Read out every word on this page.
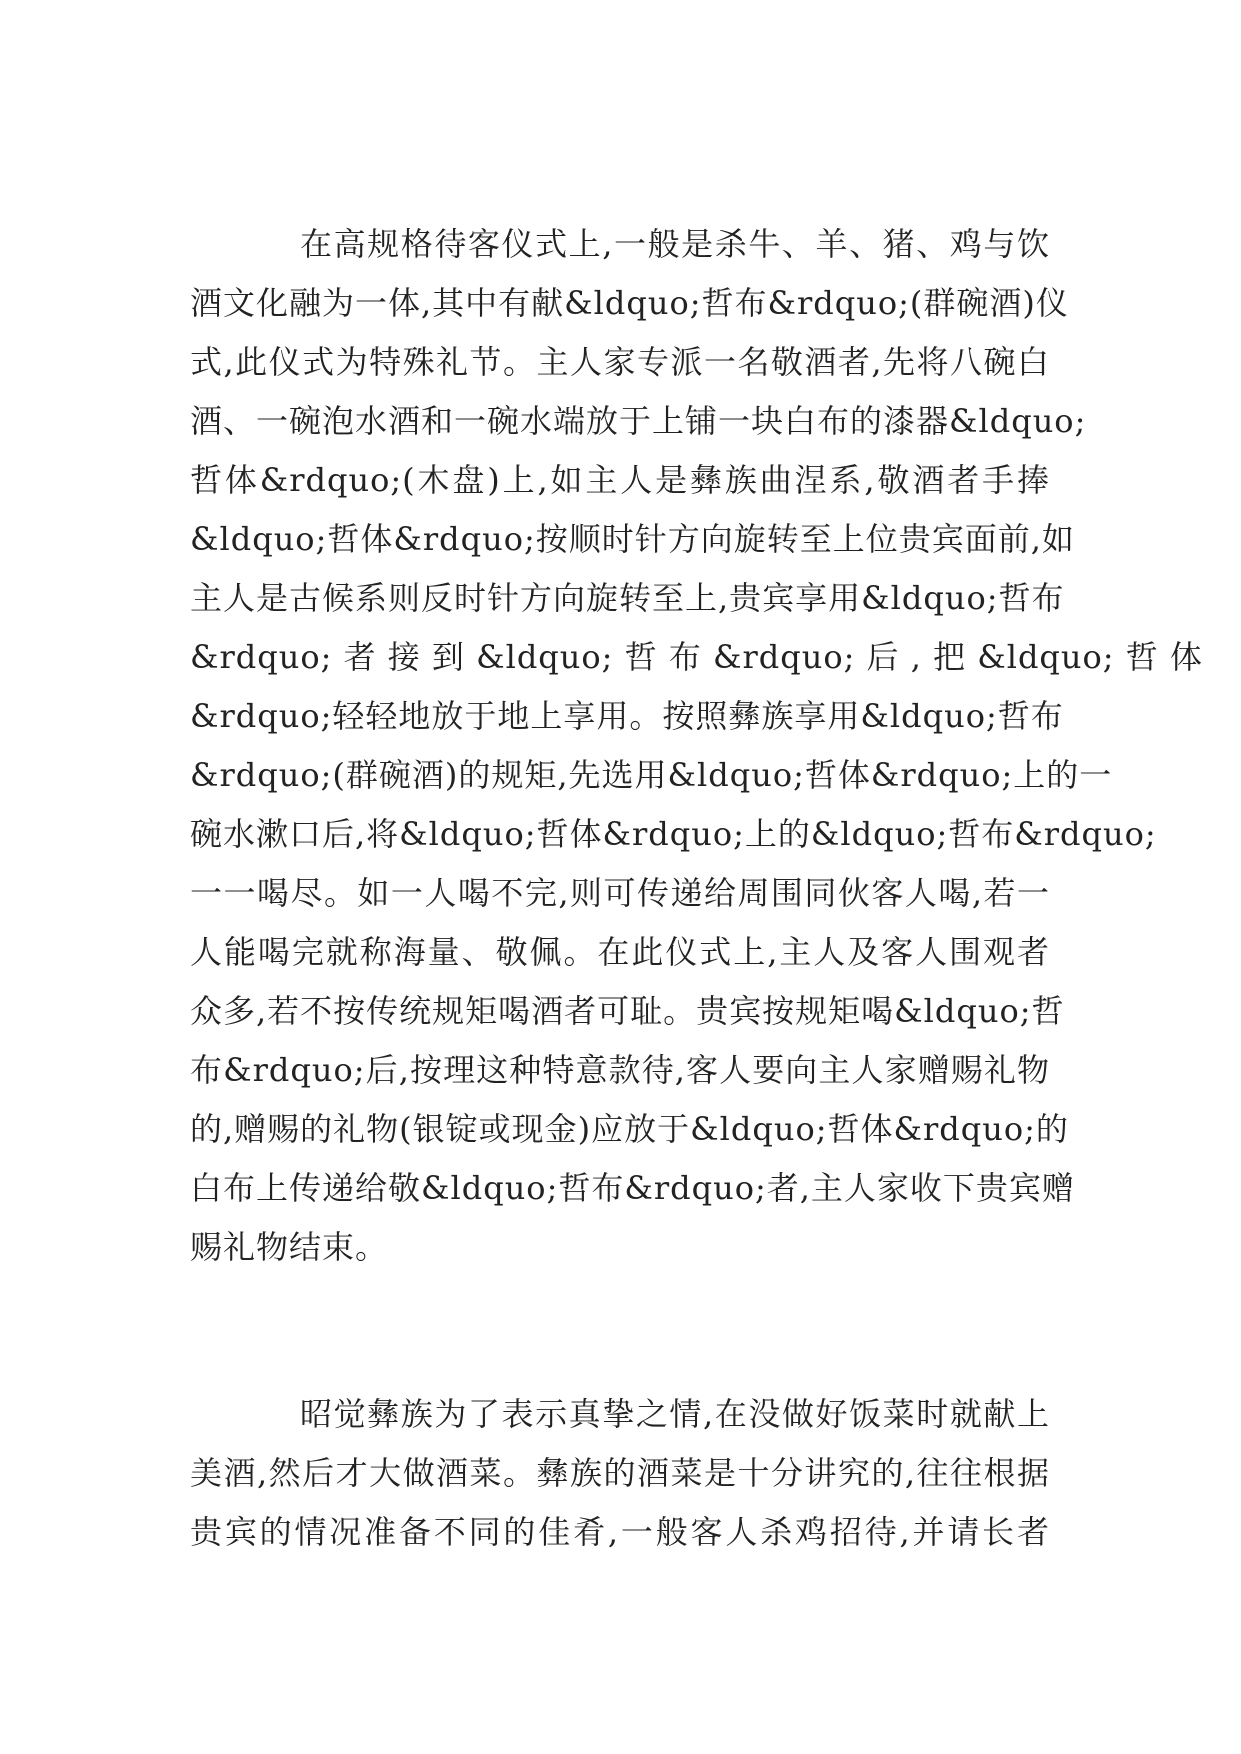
在高规格待客仪式上,一般是杀牛、羊、猪、鸡与饮
酒文化融为一体,其中有献&ldquo;哲布&rdquo;(群碗酒)仪
式,此仪式为特殊礼节。主人家专派一名敬酒者,先将八碗白
酒、一碗泡水酒和一碗水端放于上铺一块白布的漆器&ldquo;
哲体&rdquo;(木盘)上,如主人是彝族曲涅系,敬酒者手捧
&ldquo;哲体&rdquo;按顺时针方向旋转至上位贵宾面前,如
主人是古候系则反时针方向旋转至上,贵宾享用&ldquo;哲布
&rdquo; 者 接 到 &ldquo; 哲 布 &rdquo; 后 , 把 &ldquo; 哲 体
&rdquo;轻轻地放于地上享用。按照彝族享用&ldquo;哲布
&rdquo;(群碗酒)的规矩,先选用&ldquo;哲体&rdquo;上的一
碗水漱口后,将&ldquo;哲体&rdquo;上的&ldquo;哲布&rdquo;
一一喝尽。如一人喝不完,则可传递给周围同伙客人喝,若一
人能喝完就称海量、敬佩。在此仪式上,主人及客人围观者
众多,若不按传统规矩喝酒者可耻。贵宾按规矩喝&ldquo;哲
布&rdquo;后,按理这种特意款待,客人要向主人家赠赐礼物
的,赠赐的礼物(银锭或现金)应放于&ldquo;哲体&rdquo;的
白布上传递给敬&ldquo;哲布&rdquo;者,主人家收下贵宾赠
赐礼物结束。

昭觉彝族为了表示真挚之情,在没做好饭菜时就献上
美酒,然后才大做酒菜。彝族的酒菜是十分讲究的,往往根据
贵宾的情况准备不同的佳肴,一般客人杀鸡招待,并请长者
